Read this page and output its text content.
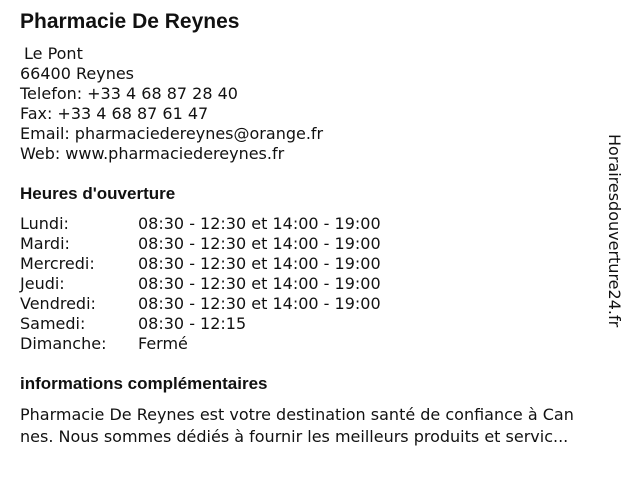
Pharmacie De Reynes
Le Pont
66400 Reynes
Telefon: +33 4 68 87 28 40
Fax: +33 4 68 87 61 47
Email: pharmaciedereynes@orange.fr
Web: www.pharmaciedereynes.fr
Heures d'ouverture
Lundi:	08:30 - 12:30 et 14:00 - 19:00
Mardi:	08:30 - 12:30 et 14:00 - 19:00
Mercredi:	08:30 - 12:30 et 14:00 - 19:00
Jeudi:	08:30 - 12:30 et 14:00 - 19:00
Vendredi:	08:30 - 12:30 et 14:00 - 19:00
Samedi:	08:30 - 12:15
Dimanche: Fermé
informations complémentaires
Pharmacie De Reynes est votre destination santé de confiance à Can
nes. Nous sommes dédiés à fournir les meilleurs produits et servic...
Horairesdouverture24.fr
